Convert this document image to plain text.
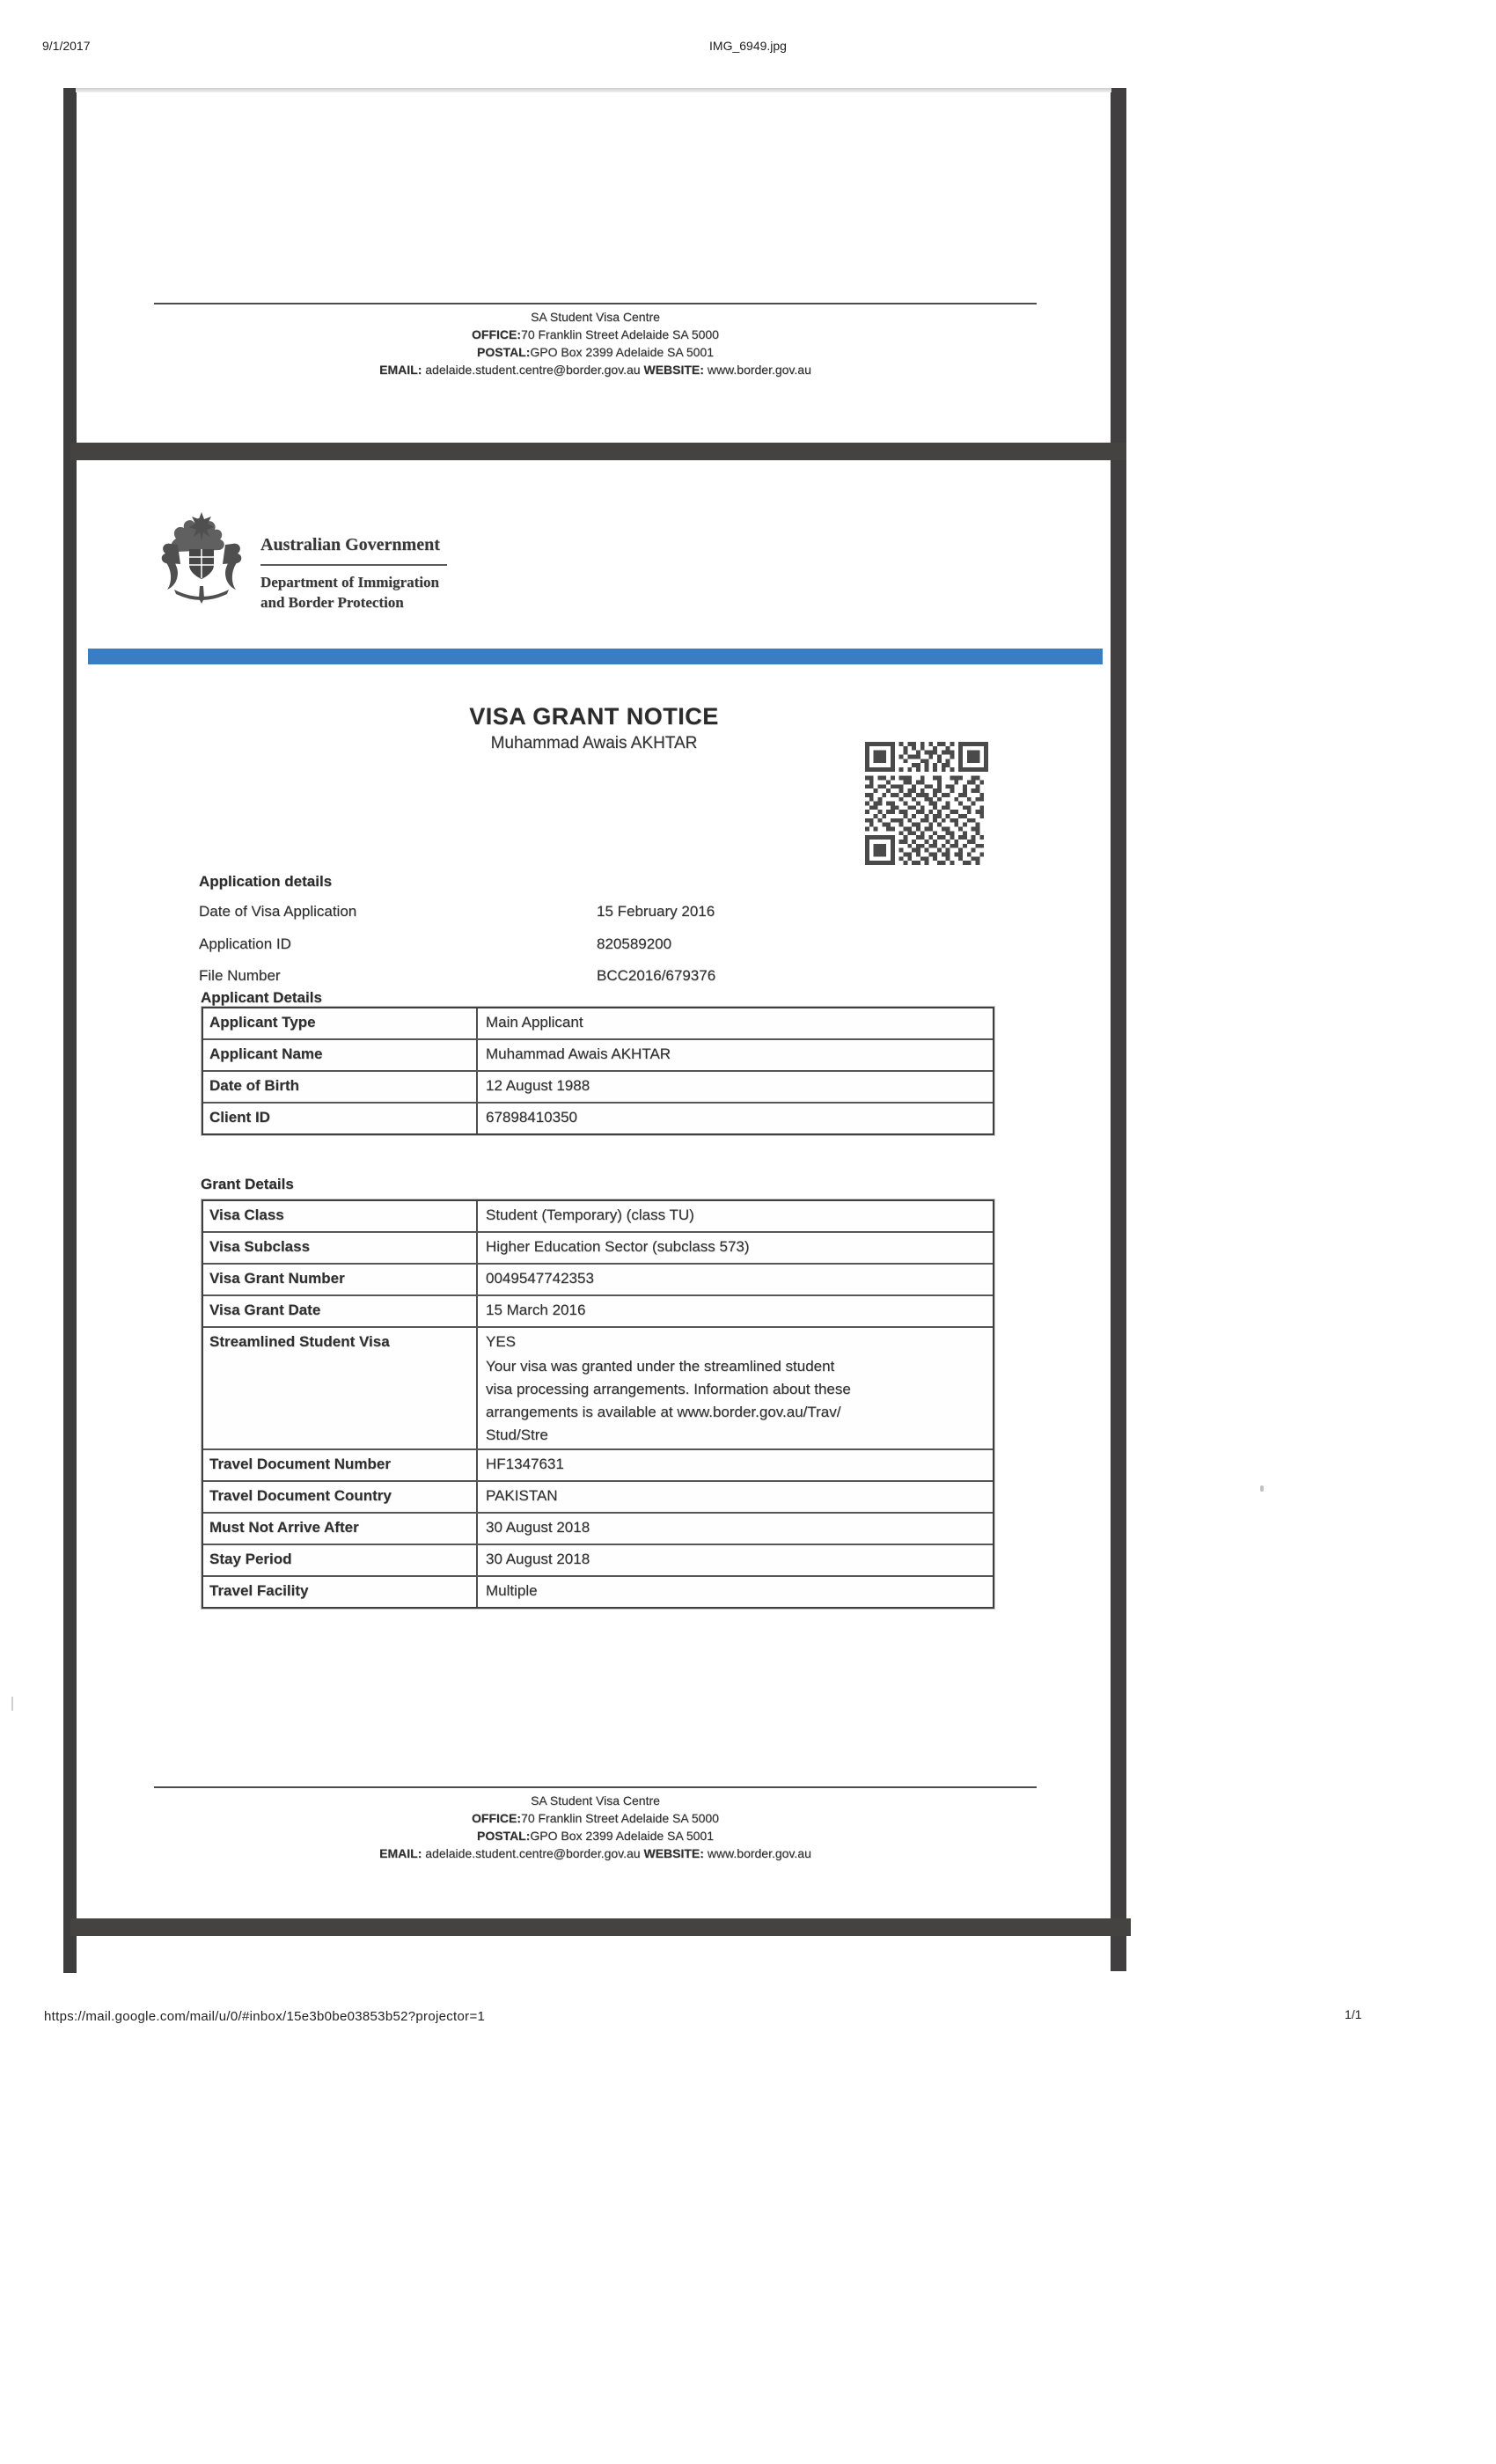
9/1/2017	IMG_6949.jpg
SA Student Visa Centre
OFFICE:70 Franklin Street Adelaide SA 5000
POSTAL:GPO Box 2399 Adelaide SA 5001
EMAIL: adelaide.student.centre@border.gov.au WEBSITE: www.border.gov.au
Australian Government
Department of Immigration
and Border Protection
VISA GRANT NOTICE
Muhammad Awais AKHTAR
Application details
Date of Visa Application	15 February 2016
Application ID	820589200
File Number	BCC2016/679376
Applicant Details
Applicant Type	Main Applicant
Applicant Name	Muhammad Awais AKHTAR
Date of Birth	12 August 1988
Client ID	67898410350
Grant Details
Visa Class	Student (Temporary) (class TU)
Visa Subclass	Higher Education Sector (subclass 573)
Visa Grant Number	0049547742353
Visa Grant Date	15 March 2016
Streamlined Student Visa	YES
Your visa was granted under the streamlined student
visa processing arrangements. Information about these
arrangements is available at www.border.gov.au/Trav/
Stud/Stre
Travel Document Number	HF1347631
Travel Document Country	PAKISTAN
Must Not Arrive After	30 August 2018
Stay Period	30 August 2018
Travel Facility	Multiple
SA Student Visa Centre
OFFICE:70 Franklin Street Adelaide SA 5000
POSTAL:GPO Box 2399 Adelaide SA 5001
EMAIL: adelaide.student.centre@border.gov.au WEBSITE: www.border.gov.au
https://mail.google.com/mail/u/0/#inbox/15e3b0be03853b52?projector=1	1/1
